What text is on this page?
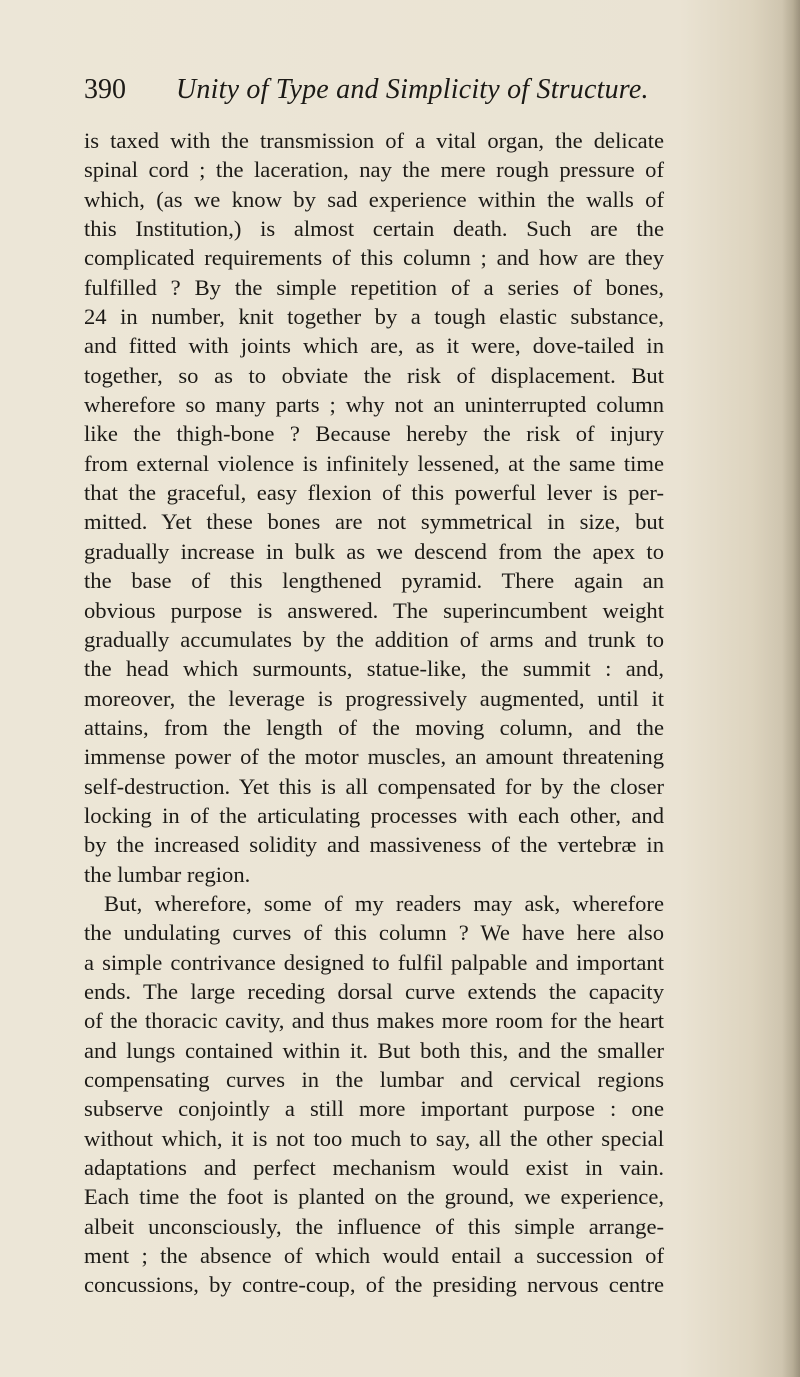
390 Unity of Type and Simplicity of Structure.
is taxed with the transmission of a vital organ, the delicate
spinal cord ; the laceration, nay the mere rough pressure of
which, (as we know by sad experience within the walls of
this Institution,) is almost certain death. Such are the
complicated requirements of this column ; and how are they
fulfilled ? By the simple repetition of a series of bones,
24 in number, knit together by a tough elastic substance,
and fitted with joints which are, as it were, dove-tailed in
together, so as to obviate the risk of displacement. But
wherefore so many parts ; why not an uninterrupted column
like the thigh-bone ? Because hereby the risk of injury
from external violence is infinitely lessened, at the same time
that the graceful, easy flexion of this powerful lever is per-
mitted. Yet these bones are not symmetrical in size, but
gradually increase in bulk as we descend from the apex to
the base of this lengthened pyramid. There again an
obvious purpose is answered. The superincumbent weight
gradually accumulates by the addition of arms and trunk to
the head which surmounts, statue-like, the summit : and,
moreover, the leverage is progressively augmented, until it
attains, from the length of the moving column, and the
immense power of the motor muscles, an amount threatening
self-destruction. Yet this is all compensated for by the closer
locking in of the articulating processes with each other, and
by the increased solidity and massiveness of the vertebræ in
the lumbar region.
But, wherefore, some of my readers may ask, wherefore
the undulating curves of this column ? We have here also
a simple contrivance designed to fulfil palpable and important
ends. The large receding dorsal curve extends the capacity
of the thoracic cavity, and thus makes more room for the heart
and lungs contained within it. But both this, and the smaller
compensating curves in the lumbar and cervical regions
subserve conjointly a still more important purpose : one
without which, it is not too much to say, all the other special
adaptations and perfect mechanism would exist in vain.
Each time the foot is planted on the ground, we experience,
albeit unconsciously, the influence of this simple arrange-
ment ; the absence of which would entail a succession of
concussions, by contre-coup, of the presiding nervous centre
